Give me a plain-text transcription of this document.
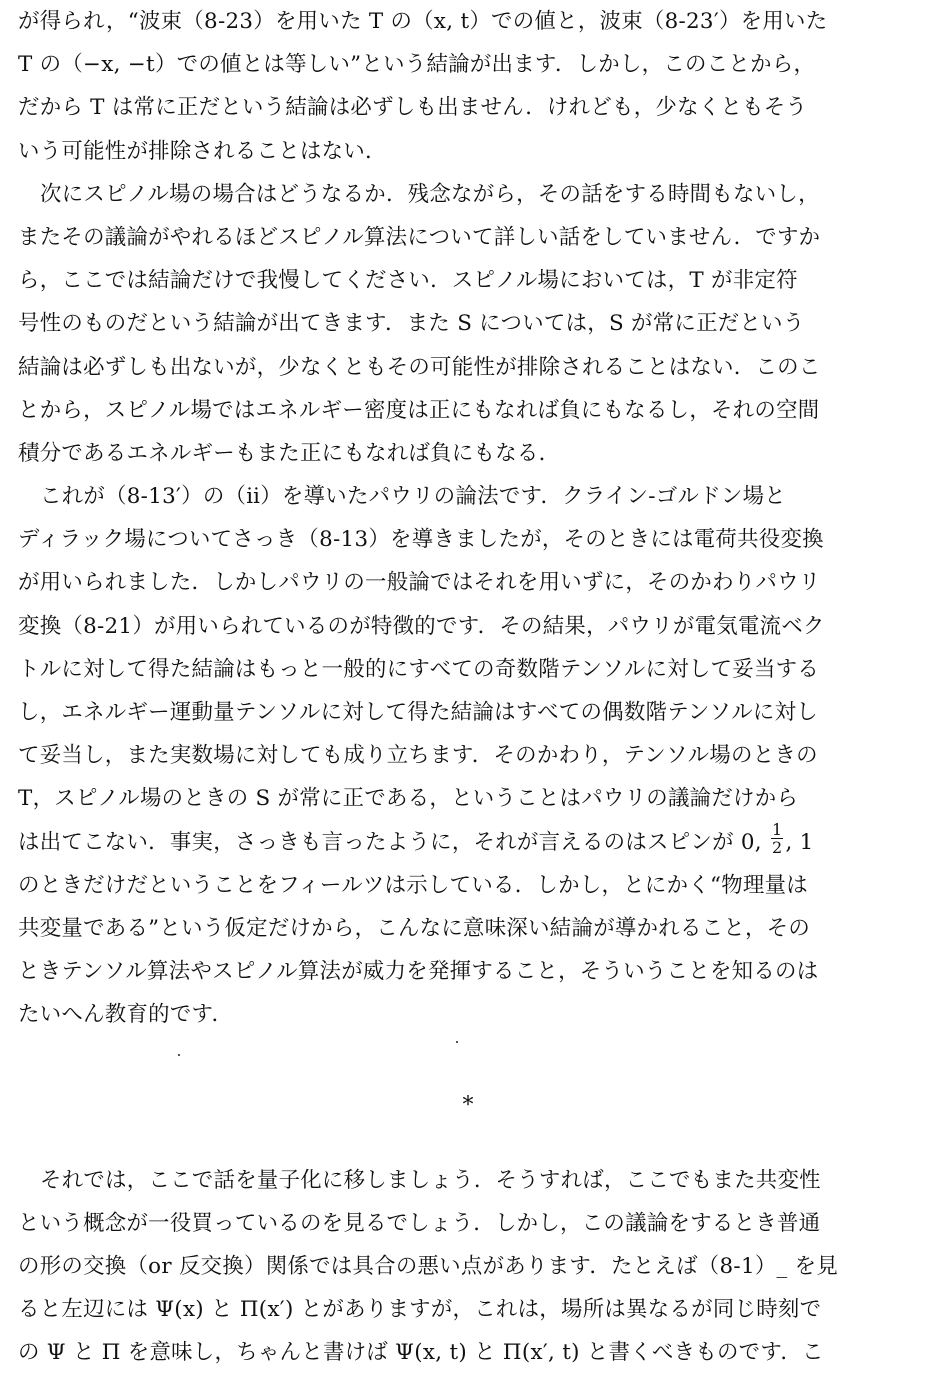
が得られ，“波束（8-23）を用いた T の（x, t）での値と，波束（8-23′）を用いた
T の（−x, −t）での値とは等しい”という結論が出ます．しかし，このことから，
だから T は常に正だという結論は必ずしも出ません．けれども，少なくともそう
いう可能性が排除されることはない．
次にスピノル場の場合はどうなるか．残念ながら，その話をする時間もないし，
またその議論がやれるほどスピノル算法について詳しい話をしていません．ですか
ら，ここでは結論だけで我慢してください．スピノル場においては，T が非定符
号性のものだという結論が出てきます．また S については，S が常に正だという
結論は必ずしも出ないが，少なくともその可能性が排除されることはない．このこ
とから，スピノル場ではエネルギー密度は正にもなれば負にもなるし，それの空間
積分であるエネルギーもまた正にもなれば負にもなる．
これが（8-13′）の（ⅱ）を導いたパウリの論法です．クライン‐ゴルドン場と
ディラック場についてさっき（8-13）を導きましたが，そのときには電荷共役変換
が用いられました．しかしパウリの一般論ではそれを用いずに，そのかわりパウリ
変換（8-21）が用いられているのが特徴的です．その結果，パウリが電気電流ベク
トルに対して得た結論はもっと一般的にすべての奇数階テンソルに対して妥当する
し，エネルギー運動量テンソルに対して得た結論はすべての偶数階テンソルに対し
て妥当し，また実数場に対しても成り立ちます．そのかわり，テンソル場のときの
T，スピノル場のときの S が常に正である，ということはパウリの議論だけから
は出てこない．事実，さっきも言ったように，それが言えるのはスピンが 0, $\frac{1}{2}$ , 1
のときだけだということをフィールツは示している．しかし，とにかく“物理量は
共変量である”という仮定だけから，こんなに意味深い結論が導かれること，その
ときテンソル算法やスピノル算法が威力を発揮すること，そういうことを知るのは
たいへん教育的です．
*
それでは，ここで話を量子化に移しましょう．そうすれば，ここでもまた共変性
という概念が一役買っているのを見るでしょう．しかし，この議論をするとき普通
の形の交換（or 反交換）関係では具合の悪い点があります．たとえば（8-1）_ を見
ると左辺には Ψ(x) と Π(x′) とがありますが，これは，場所は異なるが同じ時刻で
の Ψ と Π を意味し，ちゃんと書けば Ψ(x, t) と Π(x′, t) と書くべきものです．こ
